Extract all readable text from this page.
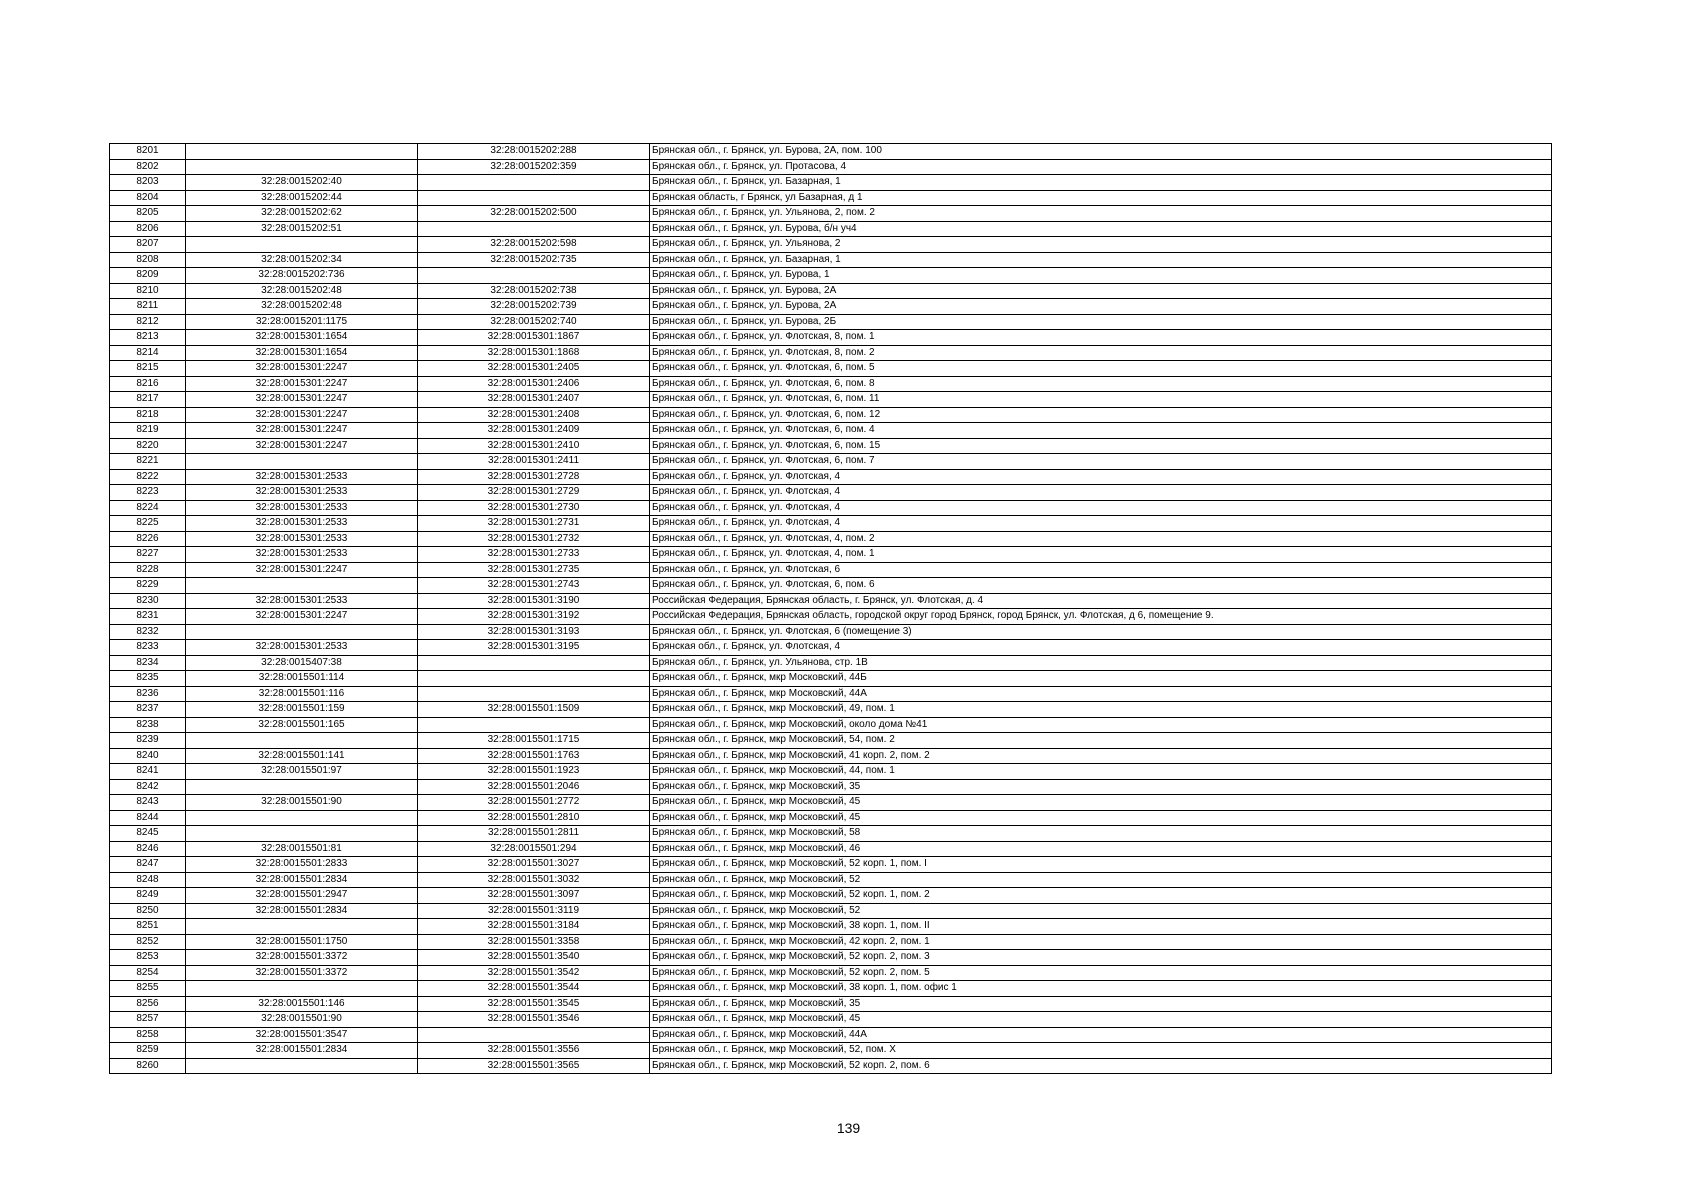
8201		32:28:0015202:288	Брянская обл., г. Брянск, ул. Бурова, 2А, пом. 100
8202		32:28:0015202:359	Брянская обл., г. Брянск, ул. Протасова, 4
8203	32:28:0015202:40		Брянская обл., г. Брянск, ул. Базарная, 1
8204	32:28:0015202:44		Брянская область, г Брянск, ул Базарная, д 1
8205	32:28:0015202:62	32:28:0015202:500	Брянская обл., г. Брянск, ул. Ульянова, 2, пом. 2
8206	32:28:0015202:51		Брянская обл., г. Брянск, ул. Бурова, б/н уч4
8207		32:28:0015202:598	Брянская обл., г. Брянск, ул. Ульянова, 2
8208	32:28:0015202:34	32:28:0015202:735	Брянская обл., г. Брянск, ул. Базарная, 1
8209	32:28:0015202:736		Брянская обл., г. Брянск, ул. Бурова, 1
8210	32:28:0015202:48	32:28:0015202:738	Брянская обл., г. Брянск, ул. Бурова, 2А
8211	32:28:0015202:48	32:28:0015202:739	Брянская обл., г. Брянск, ул. Бурова, 2А
8212	32:28:0015201:1175	32:28:0015202:740	Брянская обл., г. Брянск, ул. Бурова, 2Б
8213	32:28:0015301:1654	32:28:0015301:1867	Брянская обл., г. Брянск, ул. Флотская, 8, пом. 1
8214	32:28:0015301:1654	32:28:0015301:1868	Брянская обл., г. Брянск, ул. Флотская, 8, пом. 2
8215	32:28:0015301:2247	32:28:0015301:2405	Брянская обл., г. Брянск, ул. Флотская, 6, пом. 5
8216	32:28:0015301:2247	32:28:0015301:2406	Брянская обл., г. Брянск, ул. Флотская, 6, пом. 8
8217	32:28:0015301:2247	32:28:0015301:2407	Брянская обл., г. Брянск, ул. Флотская, 6, пом. 11
8218	32:28:0015301:2247	32:28:0015301:2408	Брянская обл., г. Брянск, ул. Флотская, 6, пом. 12
8219	32:28:0015301:2247	32:28:0015301:2409	Брянская обл., г. Брянск, ул. Флотская, 6, пом. 4
8220	32:28:0015301:2247	32:28:0015301:2410	Брянская обл., г. Брянск, ул. Флотская, 6, пом. 15
8221		32:28:0015301:2411	Брянская обл., г. Брянск, ул. Флотская, 6, пом. 7
8222	32:28:0015301:2533	32:28:0015301:2728	Брянская обл., г. Брянск, ул. Флотская, 4
8223	32:28:0015301:2533	32:28:0015301:2729	Брянская обл., г. Брянск, ул. Флотская, 4
8224	32:28:0015301:2533	32:28:0015301:2730	Брянская обл., г. Брянск, ул. Флотская, 4
8225	32:28:0015301:2533	32:28:0015301:2731	Брянская обл., г. Брянск, ул. Флотская, 4
8226	32:28:0015301:2533	32:28:0015301:2732	Брянская обл., г. Брянск, ул. Флотская, 4, пом. 2
8227	32:28:0015301:2533	32:28:0015301:2733	Брянская обл., г. Брянск, ул. Флотская, 4, пом. 1
8228	32:28:0015301:2247	32:28:0015301:2735	Брянская обл., г. Брянск, ул. Флотская, 6
8229		32:28:0015301:2743	Брянская обл., г. Брянск, ул. Флотская, 6, пом. 6
8230	32:28:0015301:2533	32:28:0015301:3190	Российская Федерация, Брянская область, г. Брянск, ул. Флотская, д. 4
8231	32:28:0015301:2247	32:28:0015301:3192	Российская Федерация, Брянская область, городской округ город Брянск, город Брянск, ул. Флотская, д 6, помещение 9.
8232		32:28:0015301:3193	Брянская обл., г. Брянск, ул. Флотская, 6 (помещение 3)
8233	32:28:0015301:2533	32:28:0015301:3195	Брянская обл., г. Брянск, ул. Флотская, 4
8234	32:28:0015407:38		Брянская обл., г. Брянск, ул. Ульянова, стр. 1В
8235	32:28:0015501:114		Брянская обл., г. Брянск, мкр Московский, 44Б
8236	32:28:0015501:116		Брянская обл., г. Брянск, мкр Московский, 44А
8237	32:28:0015501:159	32:28:0015501:1509	Брянская обл., г. Брянск, мкр Московский, 49, пом. 1
8238	32:28:0015501:165		Брянская обл., г. Брянск, мкр Московский, около дома №41
8239		32:28:0015501:1715	Брянская обл., г. Брянск, мкр Московский, 54, пом. 2
8240	32:28:0015501:141	32:28:0015501:1763	Брянская обл., г. Брянск, мкр Московский, 41 корп. 2, пом. 2
8241	32:28:0015501:97	32:28:0015501:1923	Брянская обл., г. Брянск, мкр Московский, 44, пом. 1
8242		32:28:0015501:2046	Брянская обл., г. Брянск, мкр Московский, 35
8243	32:28:0015501:90	32:28:0015501:2772	Брянская обл., г. Брянск, мкр Московский, 45
8244		32:28:0015501:2810	Брянская обл., г. Брянск, мкр Московский, 45
8245		32:28:0015501:2811	Брянская обл., г. Брянск, мкр Московский, 58
8246	32:28:0015501:81	32:28:0015501:294	Брянская обл., г. Брянск, мкр Московский, 46
8247	32:28:0015501:2833	32:28:0015501:3027	Брянская обл., г. Брянск, мкр Московский, 52 корп. 1, пом. I
8248	32:28:0015501:2834	32:28:0015501:3032	Брянская обл., г. Брянск, мкр Московский, 52
8249	32:28:0015501:2947	32:28:0015501:3097	Брянская обл., г. Брянск, мкр Московский, 52 корп. 1, пом. 2
8250	32:28:0015501:2834	32:28:0015501:3119	Брянская обл., г. Брянск, мкр Московский, 52
8251		32:28:0015501:3184	Брянская обл., г. Брянск, мкр Московский, 38 корп. 1, пом. II
8252	32:28:0015501:1750	32:28:0015501:3358	Брянская обл., г. Брянск, мкр Московский, 42 корп. 2, пом. 1
8253	32:28:0015501:3372	32:28:0015501:3540	Брянская обл., г. Брянск, мкр Московский, 52 корп. 2, пом. 3
8254	32:28:0015501:3372	32:28:0015501:3542	Брянская обл., г. Брянск, мкр Московский, 52 корп. 2, пом. 5
8255		32:28:0015501:3544	Брянская обл., г. Брянск, мкр Московский, 38 корп. 1, пом. офис 1
8256	32:28:0015501:146	32:28:0015501:3545	Брянская обл., г. Брянск, мкр Московский, 35
8257	32:28:0015501:90	32:28:0015501:3546	Брянская обл., г. Брянск, мкр Московский, 45
8258	32:28:0015501:3547		Брянская обл., г. Брянск, мкр Московский, 44А
8259	32:28:0015501:2834	32:28:0015501:3556	Брянская обл., г. Брянск, мкр Московский, 52, пом. X
8260		32:28:0015501:3565	Брянская обл., г. Брянск, мкр Московский, 52 корп. 2, пом. 6
139
